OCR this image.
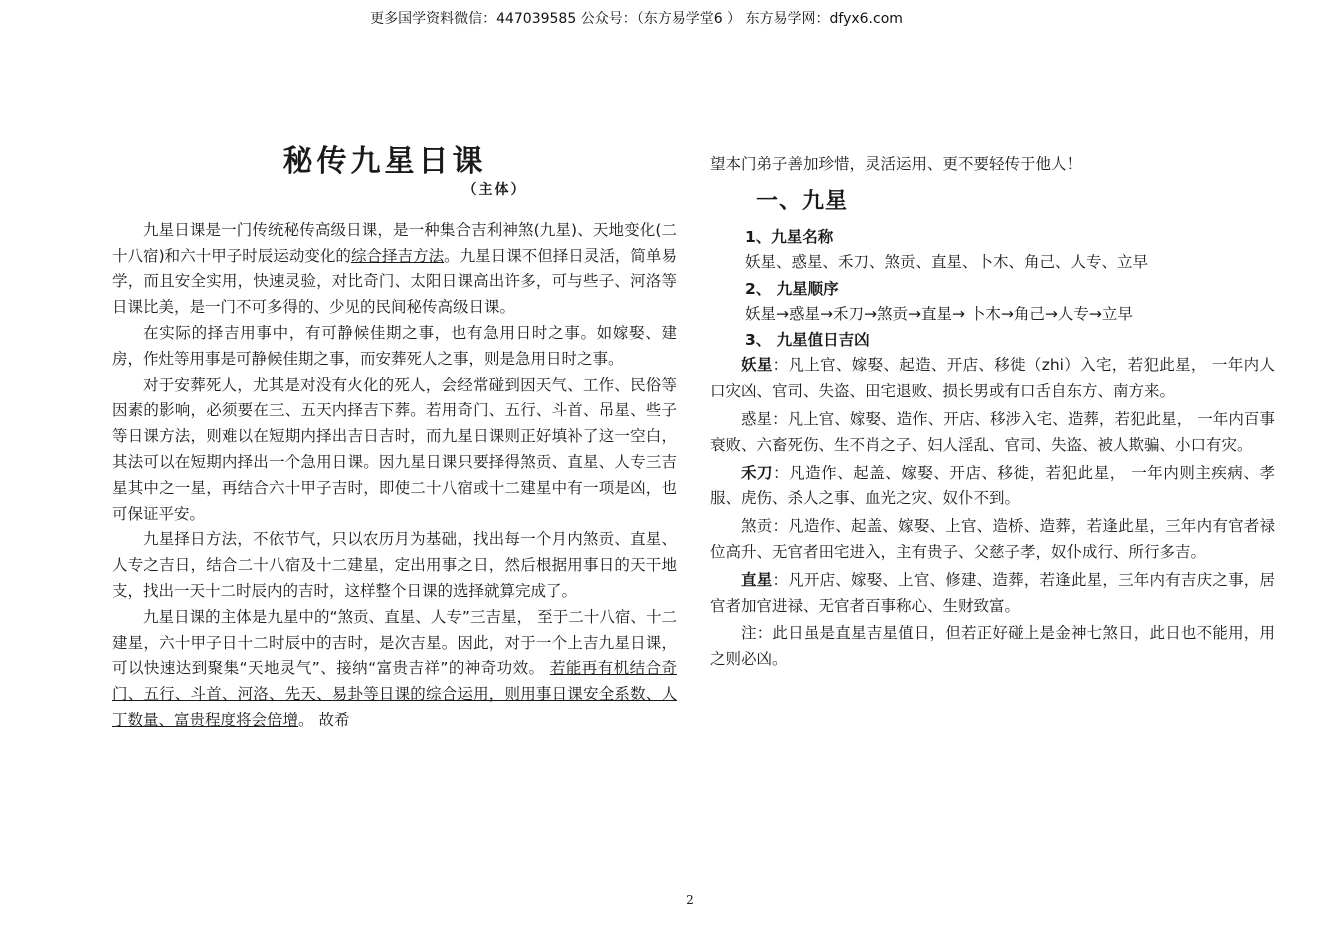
更多国学资料微信：447039585 公众号：（东方易学堂6 ） 东方易学网：dfyx6.com
秘传九星日课
（主体）

九星日课是一门传统秘传高级日课，是一种集合吉利神煞(九星)、天地变化(二十八宿)和六十甲子时辰运动变化的综合择吉方法。九星日课不但择日灵活，简单易学，而且安全实用，快速灵验，对比奇门、太阳日课高出许多，可与些子、河洛等日课比美，是一门不可多得的、少见的民间秘传高级日课。

在实际的择吉用事中，有可静候佳期之事，也有急用日时之事。如嫁娶、建房，作灶等用事是可静候佳期之事，而安葬死人之事，则是急用日时之事。

对于安葬死人，尤其是对没有火化的死人，会经常碰到因天气、工作、民俗等因素的影响，必须要在三、五天内择吉下葬。若用奇门、五行、斗首、吊星、些子等日课方法，则难以在短期内择出吉日吉时，而九星日课则正好填补了这一空白，其法可以在短期内择出一个急用日课。因九星日课只要择得煞贡、直星、人专三吉星其中之一星，再结合六十甲子吉时，即使二十八宿或十二建星中有一项是凶，也可保证平安。

九星择日方法，不依节气，只以农历月为基础，找出每一个月内煞贡、直星、人专之吉日，结合二十八宿及十二建星，定出用事之日，然后根据用事日的天干地支，找出一天十二时辰内的吉时，这样整个日课的选择就算完成了。

九星日课的主体是九星中的“煞贡、直星、人专”三吉星， 至于二十八宿、十二建星，六十甲子日十二时辰中的吉时，是次吉星。因此，对于一个上吉九星日课，可以快速达到聚集“天地灵气”、接纳“富贵吉祥”的神奇功效。 若能再有机结合奇门、五行、斗首、河洛、先天、易卦等日课的综合运用，则用事日课安全系数、人丁数量、富贵程度将会倍增。 故希

望本门弟子善加珍惜，灵活运用、更不要轻传于他人！

一、九星
1、九星名称
妖星、惑星、禾刀、煞贡、直星、卜木、角己、人专、立早
2、 九星顺序
妖星→惑星→禾刀→煞贡→直星→ 卜木→角己→人专→立早
3、 九星值日吉凶

妖星：凡上官、嫁娶、起造、开店、移徙（zhi）入宅，若犯此星， 一年内人口灾凶、官司、失盗、田宅退败、损长男或有口舌自东方、南方来。

惑星：凡上官、嫁娶、造作、开店、移涉入宅、造葬，若犯此星， 一年内百事衰败、六畜死伤、生不肖之子、妇人淫乱、官司、失盗、被人欺骗、小口有灾。

禾刀：凡造作、起盖、嫁娶、开店、移徙，若犯此星， 一年内则主疾病、孝服、虎伤、杀人之事、血光之灾、奴仆不到。

煞贡：凡造作、起盖、嫁娶、上官、造桥、造葬，若逢此星，三年内有官者禄位高升、无官者田宅进入，主有贵子、父慈子孝，奴仆成行、所行多吉。

直星：凡开店、嫁娶、上官、修建、造葬，若逢此星，三年内有吉庆之事，居官者加官进禄、无官者百事称心、生财致富。

注：此日虽是直星吉星值日，但若正好碰上是金神七煞日，此日也不能用，用之则必凶。

2
